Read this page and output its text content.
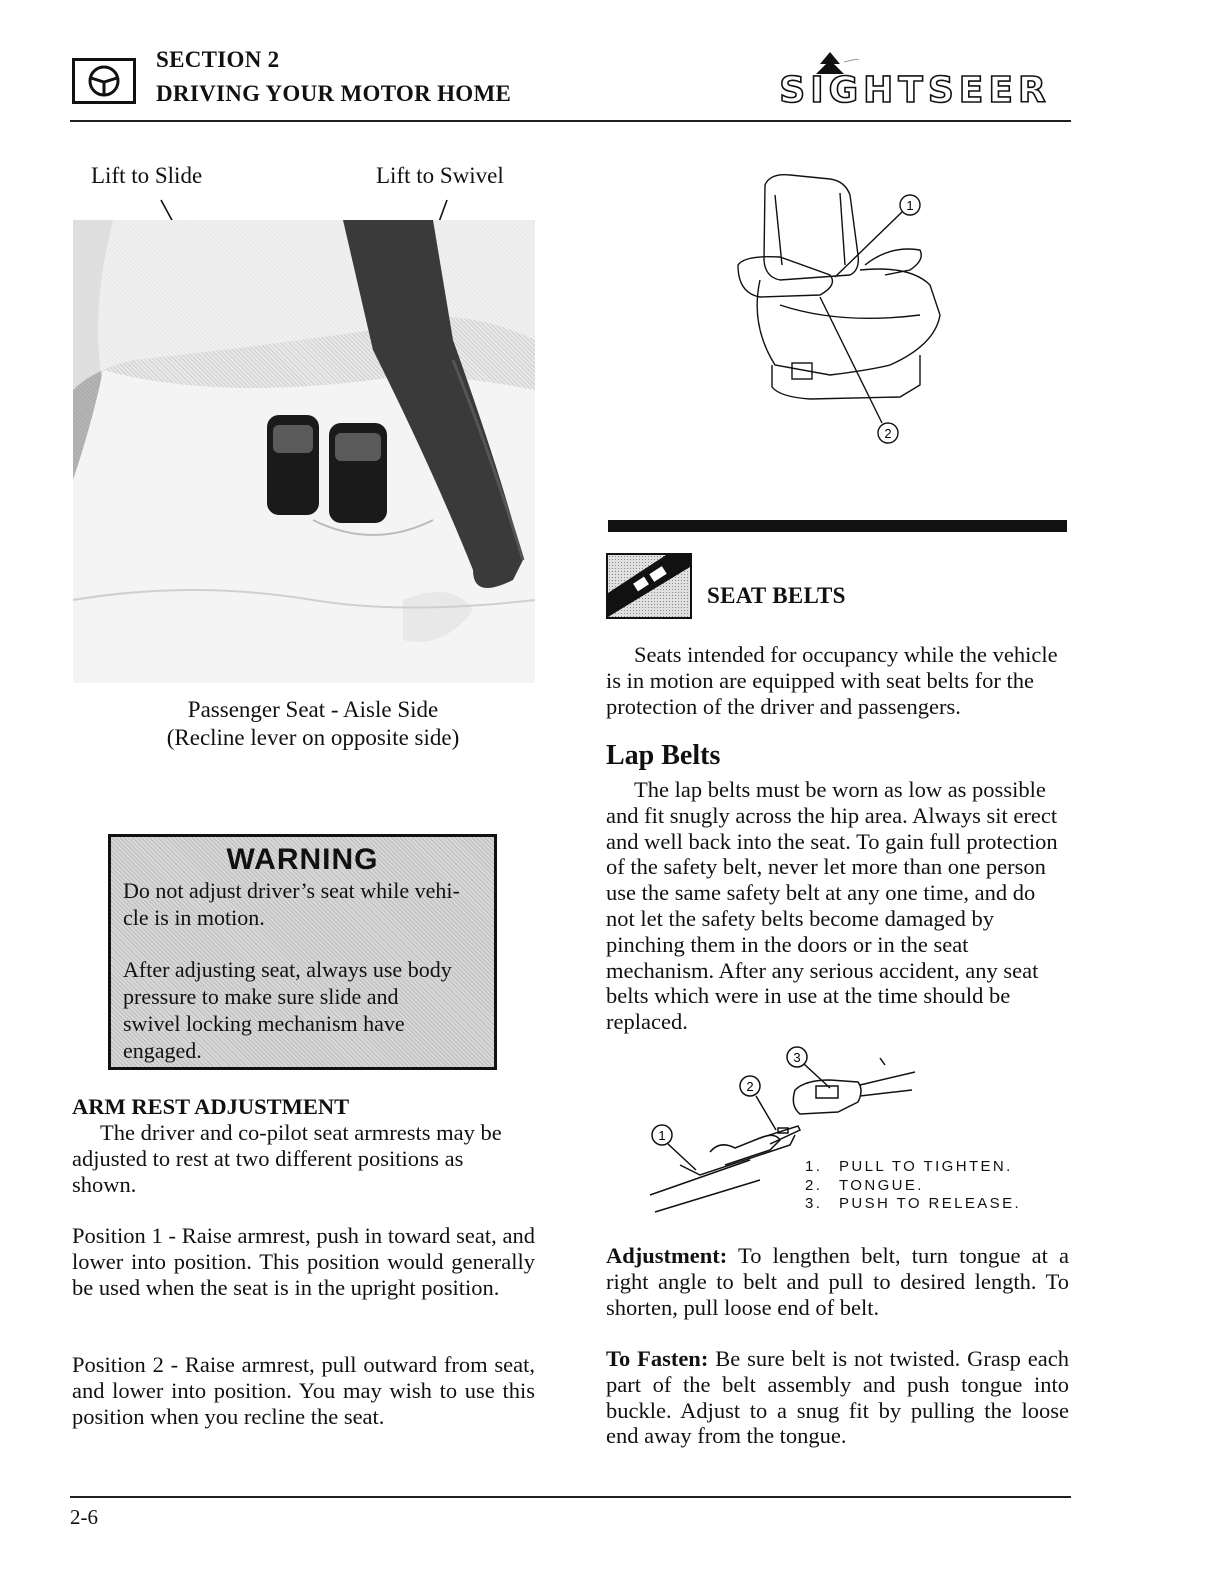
SECTION 2
DRIVING YOUR MOTOR HOME	SIGHTSEER
Lift to Slide	Lift to Swivel
Passenger Seat - Aisle Side
(Recline lever on opposite side)
WARNING

Do not adjust driver’s seat while vehi-
cle is in motion.

After adjusting seat, always use body
pressure to make sure slide and
swivel locking mechanism have
engaged.

ARM REST ADJUSTMENT
The driver and co-pilot seat armrests may be adjusted to rest at two different positions as shown.
Position 1 - Raise armrest, push in toward seat, and lower into position. This position would generally be used when the seat is in the upright position.
Position 2 - Raise armrest, pull outward from seat, and lower into position. You may wish to use this position when you recline the seat.
1
2
SEAT BELTS
Seats intended for occupancy while the vehicle is in motion are equipped with seat belts for the protection of the driver and passengers.
Lap Belts
The lap belts must be worn as low as possible and fit snugly across the hip area. Always sit erect and well back into the seat. To gain full protection of the safety belt, never let more than one person use the same safety belt at any one time, and do not let the safety belts become damaged by pinching them in the doors or in the seat mechanism. After any serious accident, any seat belts which were in use at the time should be replaced.
3
2
1
1. PULL TO TIGHTEN.
2. TONGUE.
3. PUSH TO RELEASE.
Adjustment: To lengthen belt, turn tongue at a right angle to belt and pull to desired length. To shorten, pull loose end of belt.
To Fasten: Be sure belt is not twisted. Grasp each part of the belt assembly and push tongue into buckle. Adjust to a snug fit by pulling the loose end away from the tongue.
2-6
